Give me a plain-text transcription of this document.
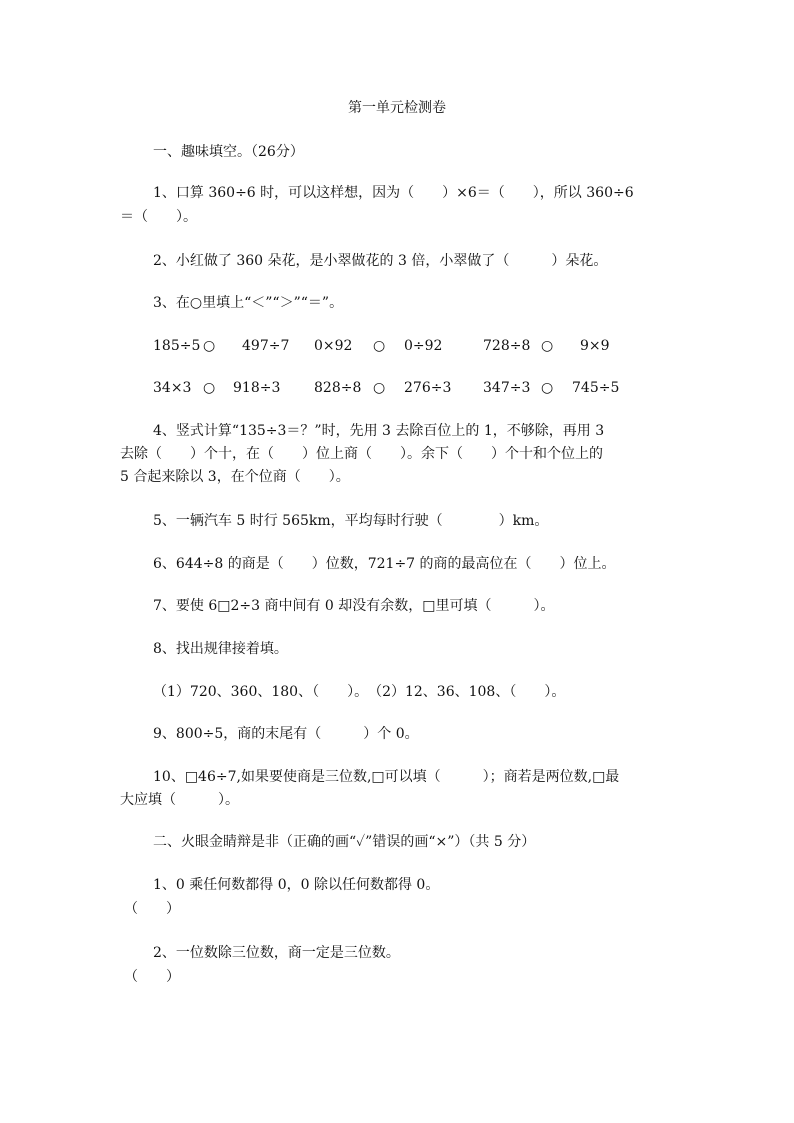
第一单元检测卷
一、趣味填空。（26分）
1、口算 360÷6 时，可以这样想，因为（　　）×6＝（　　），所以 360÷6
＝（　　）。
2、小红做了 360 朵花，是小翠做花的 3 倍，小翠做了（　　　）朵花。
3、在○里填上“＜”“＞”“＝”。
185÷5 ○ 497÷7 0×92 ○ 0÷92	728÷8 ○ 9×9
34×3 ○ 918÷3 828÷8 ○ 276÷3 347÷3 ○ 745÷5
4、竖式计算“135÷3＝？”时，先用 3 去除百位上的 1，不够除，再用 3
去除（　　）个十，在（　　）位上商（　　）。余下（　　）个十和个位上的
5 合起来除以 3，在个位商（　　）。
5、一辆汽车 5 时行 565km，平均每时行驶（　　　　）km。
6、644÷8 的商是（　　）位数，721÷7 的商的最高位在（　　）位上。
7、要使 6□2÷3 商中间有 0 却没有余数，□里可填（　　　）。
8、找出规律接着填。
（1）720、360、180、（　　）。　（2）12、36、108、（　　）。
9、800÷5，商的末尾有（　　　）个 0。
10、□46÷7,如果要使商是三位数,□可以填（　　　）；商若是两位数,□最
大应填（　　　）。
二、火眼金睛辩是非（正确的画“✓”错误的画“×”）（共 5 分）
1、0 乘任何数都得 0，0 除以任何数都得 0。
（　　）
2、一位数除三位数，商一定是三位数。
（　　）
